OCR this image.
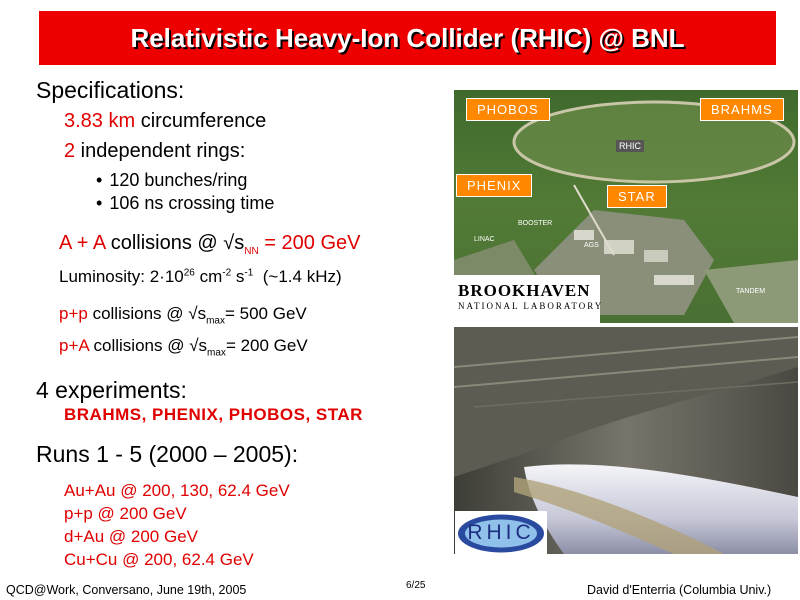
Relativistic Heavy-Ion Collider (RHIC) @ BNL
Specifications:
3.83 km circumference
2 independent rings:
• 120 bunches/ring
• 106 ns crossing time
A + A collisions @ $√s_{NN} = 200$ GeV
Luminosity: $2\cdot 10^{26}$ $cm^{-2}$ $s^{-1}$  (~1.4 kHz)
p+p collisions @ $√s_{max}= 500$ GeV
p+A collisions @ $√s_{max}= 200$ GeV
4 experiments:
BRAHMS, PHENIX, PHOBOS, STAR
Runs 1 - 5 (2000 – 2005):
Au+Au @ 200, 130, 62.4 GeV
p+p @ 200 GeV
d+Au @ 200 GeV
Cu+Cu @ 200, 62.4 GeV
PHOBOS	BRAHMS
PHENIX
STAR
RHIC
BOOSTER
LINAC
AGS
TANDEM
BROOKHAVEN
NATIONAL LABORATORY
RHIC
QCD@Work, Conversano, June 19th, 2005	6/25	David d'Enterria (Columbia Univ.)
